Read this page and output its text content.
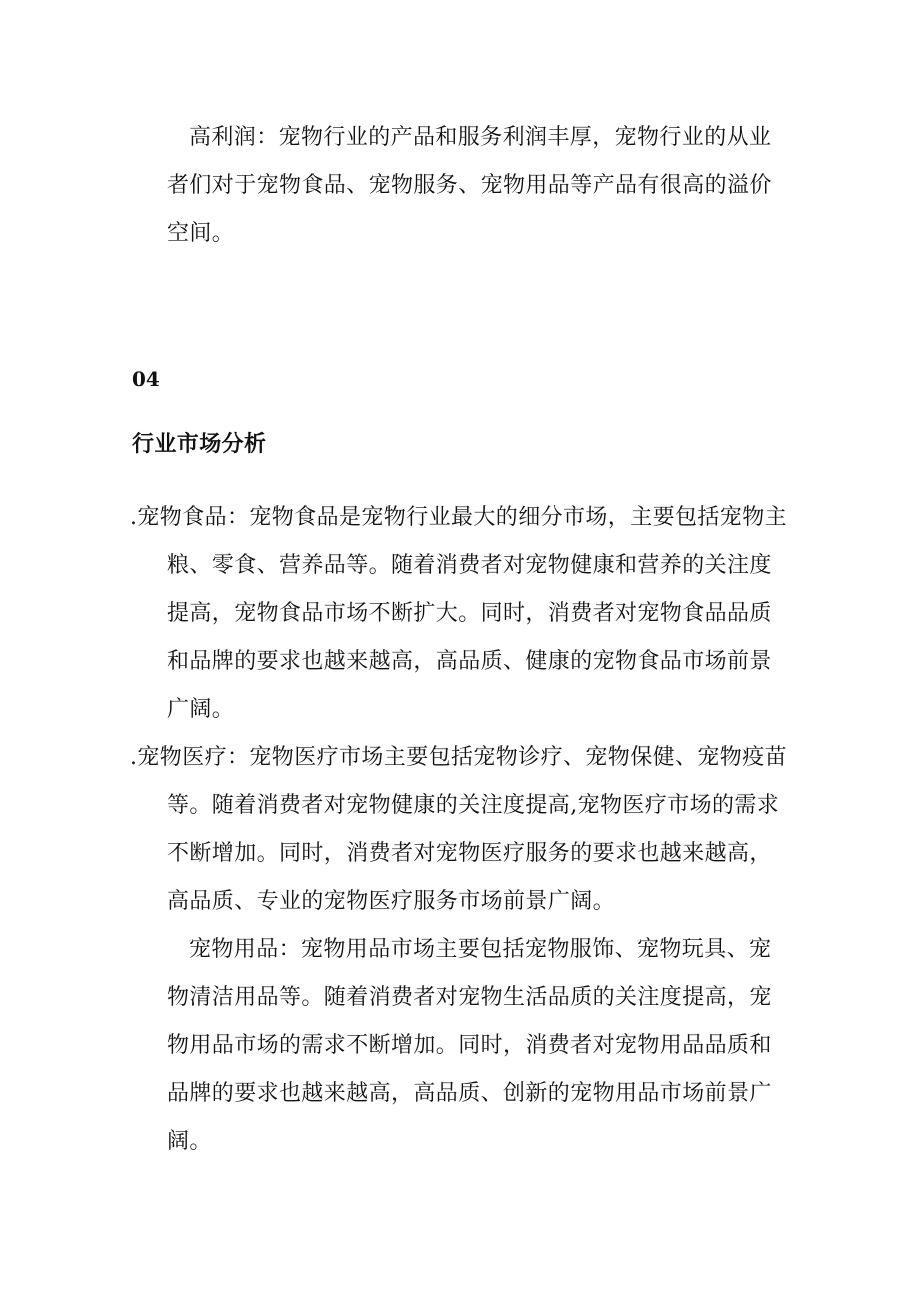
高利润：宠物行业的产品和服务利润丰厚，宠物行业的从业者们对于宠物食品、宠物服务、宠物用品等产品有很高的溢价空间。

04
行业市场分析

.宠物食品：宠物食品是宠物行业最大的细分市场，主要包括宠物主粮、零食、营养品等。随着消费者对宠物健康和营养的关注度提高，宠物食品市场不断扩大。同时，消费者对宠物食品品质和品牌的要求也越来越高，高品质、健康的宠物食品市场前景广阔。

.宠物医疗：宠物医疗市场主要包括宠物诊疗、宠物保健、宠物疫苗等。随着消费者对宠物健康的关注度提高,宠物医疗市场的需求不断增加。同时，消费者对宠物医疗服务的要求也越来越高，高品质、专业的宠物医疗服务市场前景广阔。

宠物用品：宠物用品市场主要包括宠物服饰、宠物玩具、宠物清洁用品等。随着消费者对宠物生活品质的关注度提高，宠物用品市场的需求不断增加。同时，消费者对宠物用品品质和品牌的要求也越来越高，高品质、创新的宠物用品市场前景广阔。
